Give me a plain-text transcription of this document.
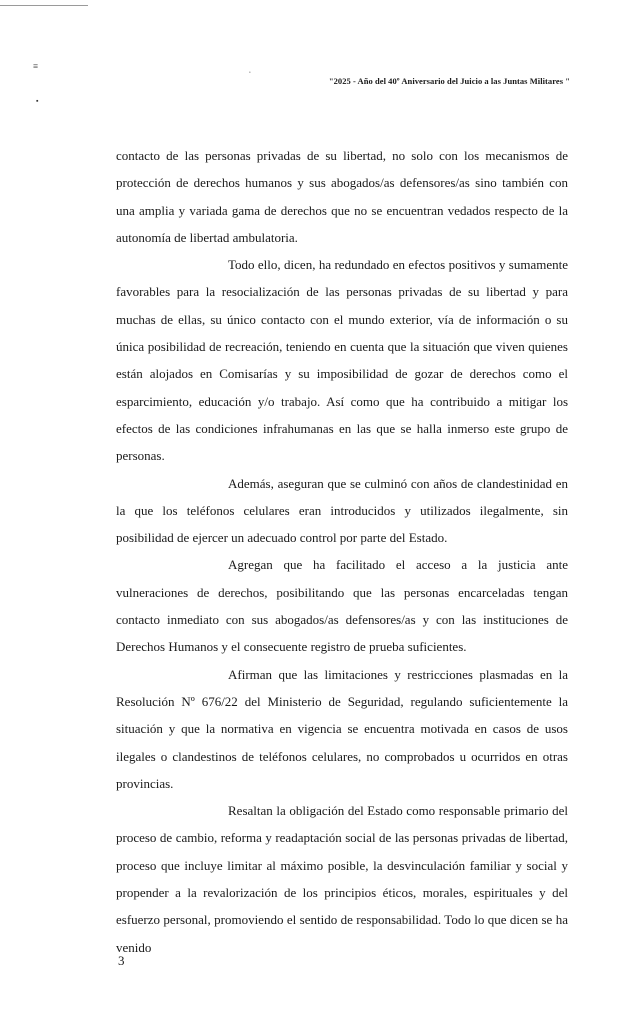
≡
▪
•
"2025 - Año del 40º Aniversario del Juicio a las Juntas Militares "

contacto de las personas privadas de su libertad, no solo con los mecanismos de protección de derechos humanos y sus abogados/as defensores/as sino también con una amplia y variada gama de derechos que no se encuentran vedados respecto de la autonomía de libertad ambulatoria.

Todo ello, dicen, ha redundado en efectos positivos y sumamente favorables para la resocialización de las personas privadas de su libertad y para muchas de ellas, su único contacto con el mundo exterior, vía de información o su única posibilidad de recreación, teniendo en cuenta que la situación que viven quienes están alojados en Comisarías y su imposibilidad de gozar de derechos como el esparcimiento, educación y/o trabajo. Así como que ha contribuido a mitigar los efectos de las condiciones infrahumanas en las que se halla inmerso este grupo de personas.

Además, aseguran que se culminó con años de clandestinidad en la que los teléfonos celulares eran introducidos y utilizados ilegalmente, sin posibilidad de ejercer un adecuado control por parte del Estado.

Agregan que ha facilitado el acceso a la justicia ante vulneraciones de derechos, posibilitando que las personas encarceladas tengan contacto inmediato con sus abogados/as defensores/as y con las instituciones de Derechos Humanos y el consecuente registro de prueba suficientes.

Afirman que las limitaciones y restricciones plasmadas en la Resolución Nº 676/22 del Ministerio de Seguridad, regulando suficientemente la situación y que la normativa en vigencia se encuentra motivada en casos de usos ilegales o clandestinos de teléfonos celulares, no comprobados u ocurridos en otras provincias.

Resaltan la obligación del Estado como responsable primario del proceso de cambio, reforma y readaptación social de las personas privadas de libertad, proceso que incluye limitar al máximo posible, la desvinculación familiar y social y propender a la revalorización de los principios éticos, morales, espirituales y del esfuerzo personal, promoviendo el sentido de responsabilidad. Todo lo que dicen se ha venido

3
